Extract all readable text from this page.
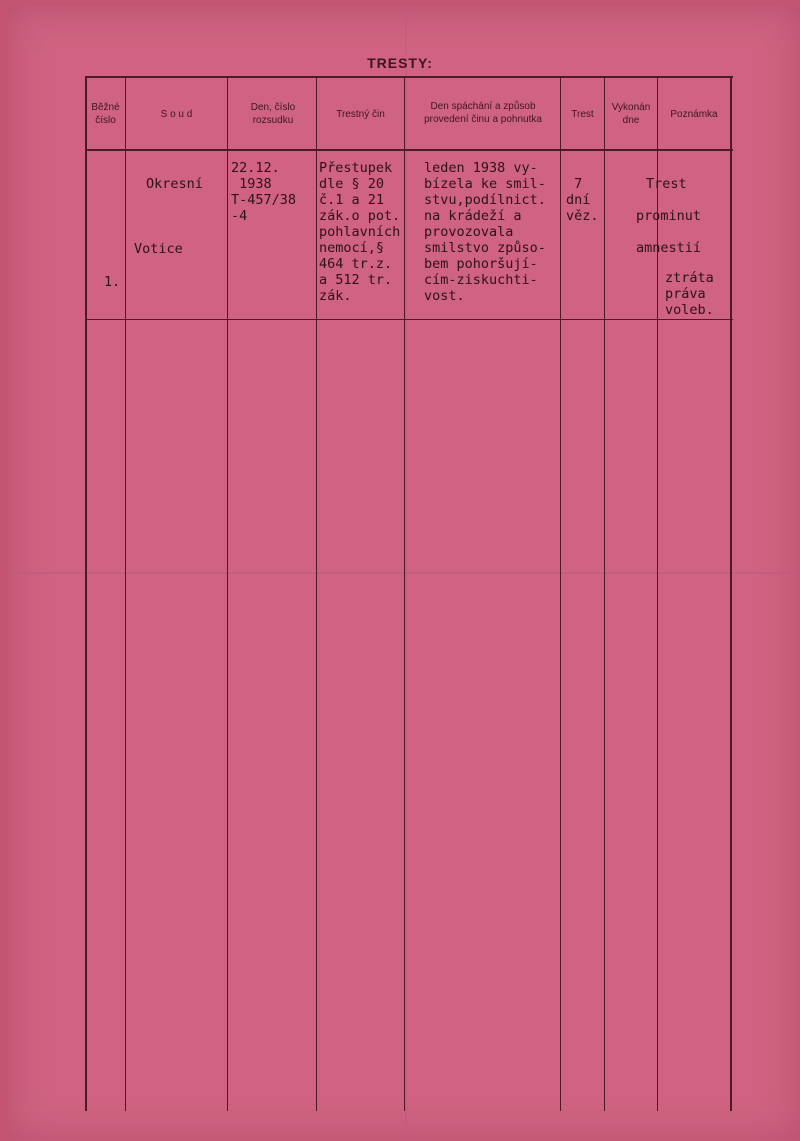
TRESTY:
Běžné číslo
S o u d
Den, číslo rozsudku
Trestný čin
Den spáchání a způsob provedení činu a pohnutka	Trest
Vykonán dne
Poznámka
1.
Okresní
Votice
22.12.
1938
T-457/38
-4
Přestupek
dle § 20
č.1 a 21
zák.o pot.
pohlavních
nemocí,§
464 tr.z.
a 512 tr.
zák.
leden 1938 vy-
bízela ke smil-
stvu,podílnict.
na krádeží a
provozovala
smilstvo způso-
bem pohoršují-
cím-ziskuchti-
vost.
7
dní
věz.
Trest
prominut
amnestií
ztráta
práva
voleb.
